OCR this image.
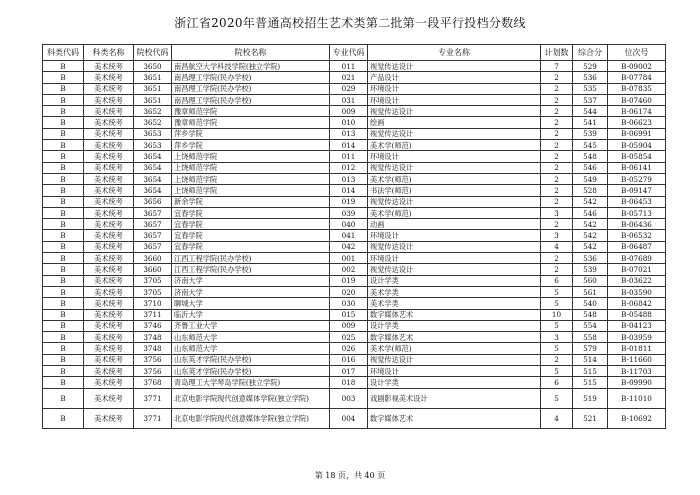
浙江省2020年普通高校招生艺术类第二批第一段平行投档分数线
科类代码	科类名称	院校代码	院校名称	专业代码	专业名称	计划数	综合分	位次号
B	美术统考	3650	南昌航空大学科技学院(独立学院)	011	视觉传达设计	7	529	B-09002
B	美术统考	3651	南昌理工学院(民办学校)	021	产品设计	2	536	B-07784
B	美术统考	3651	南昌理工学院(民办学校)	029	环境设计	2	535	B-07835
B	美术统考	3651	南昌理工学院(民办学校)	031	环境设计	2	537	B-07460
B	美术统考	3652	豫章师范学院	009	视觉传达设计	2	544	B-06174
B	美术统考	3652	豫章师范学院	010	绘画	2	541	B-06623
B	美术统考	3653	萍乡学院	013	视觉传达设计	2	539	B-06991
B	美术统考	3653	萍乡学院	014	美术学(师范)	2	545	B-05904
B	美术统考	3654	上饶师范学院	011	环境设计	2	548	B-05854
B	美术统考	3654	上饶师范学院	012	视觉传达设计	2	546	B-06141
B	美术统考	3654	上饶师范学院	013	美术学(师范)	2	549	B-05279
B	美术统考	3654	上饶师范学院	014	书法学(师范)	2	528	B-09147
B	美术统考	3656	新余学院	019	视觉传达设计	2	542	B-06453
B	美术统考	3657	宜春学院	039	美术学(师范)	3	546	B-05713
B	美术统考	3657	宜春学院	040	动画	2	542	B-06436
B	美术统考	3657	宜春学院	041	环境设计	3	542	B-06532
B	美术统考	3657	宜春学院	042	视觉传达设计	4	542	B-06487
B	美术统考	3660	江西工程学院(民办学校)	001	环境设计	2	536	B-07689
B	美术统考	3660	江西工程学院(民办学校)	002	视觉传达设计	2	539	B-07021
B	美术统考	3705	济南大学	019	设计学类	6	560	B-03622
B	美术统考	3705	济南大学	020	美术学类	5	561	B-03590
B	美术统考	3710	聊城大学	030	美术学类	5	540	B-06842
B	美术统考	3711	临沂大学	015	数字媒体艺术	10	548	B-05488
B	美术统考	3746	齐鲁工业大学	009	设计学类	5	554	B-04123
B	美术统考	3748	山东师范大学	025	数字媒体艺术	3	558	B-03959
B	美术统考	3748	山东师范大学	026	美术学(师范)	5	579	B-01811
B	美术统考	3756	山东英才学院(民办学校)	016	视觉传达设计	2	514	B-11660
B	美术统考	3756	山东英才学院(民办学校)	017	环境设计	5	515	B-11703
B	美术统考	3768	青岛理工大学琴岛学院(独立学院)	018	设计学类	6	515	B-09990
B	美术统考	3771	北京电影学院现代创意媒体学院(独立学院)	003	戏剧影视美术设计	5	519	B-11010
B	美术统考	3771	北京电影学院现代创意媒体学院(独立学院)	004	数字媒体艺术	4	521	B-10692
第 18 页，共 40 页
